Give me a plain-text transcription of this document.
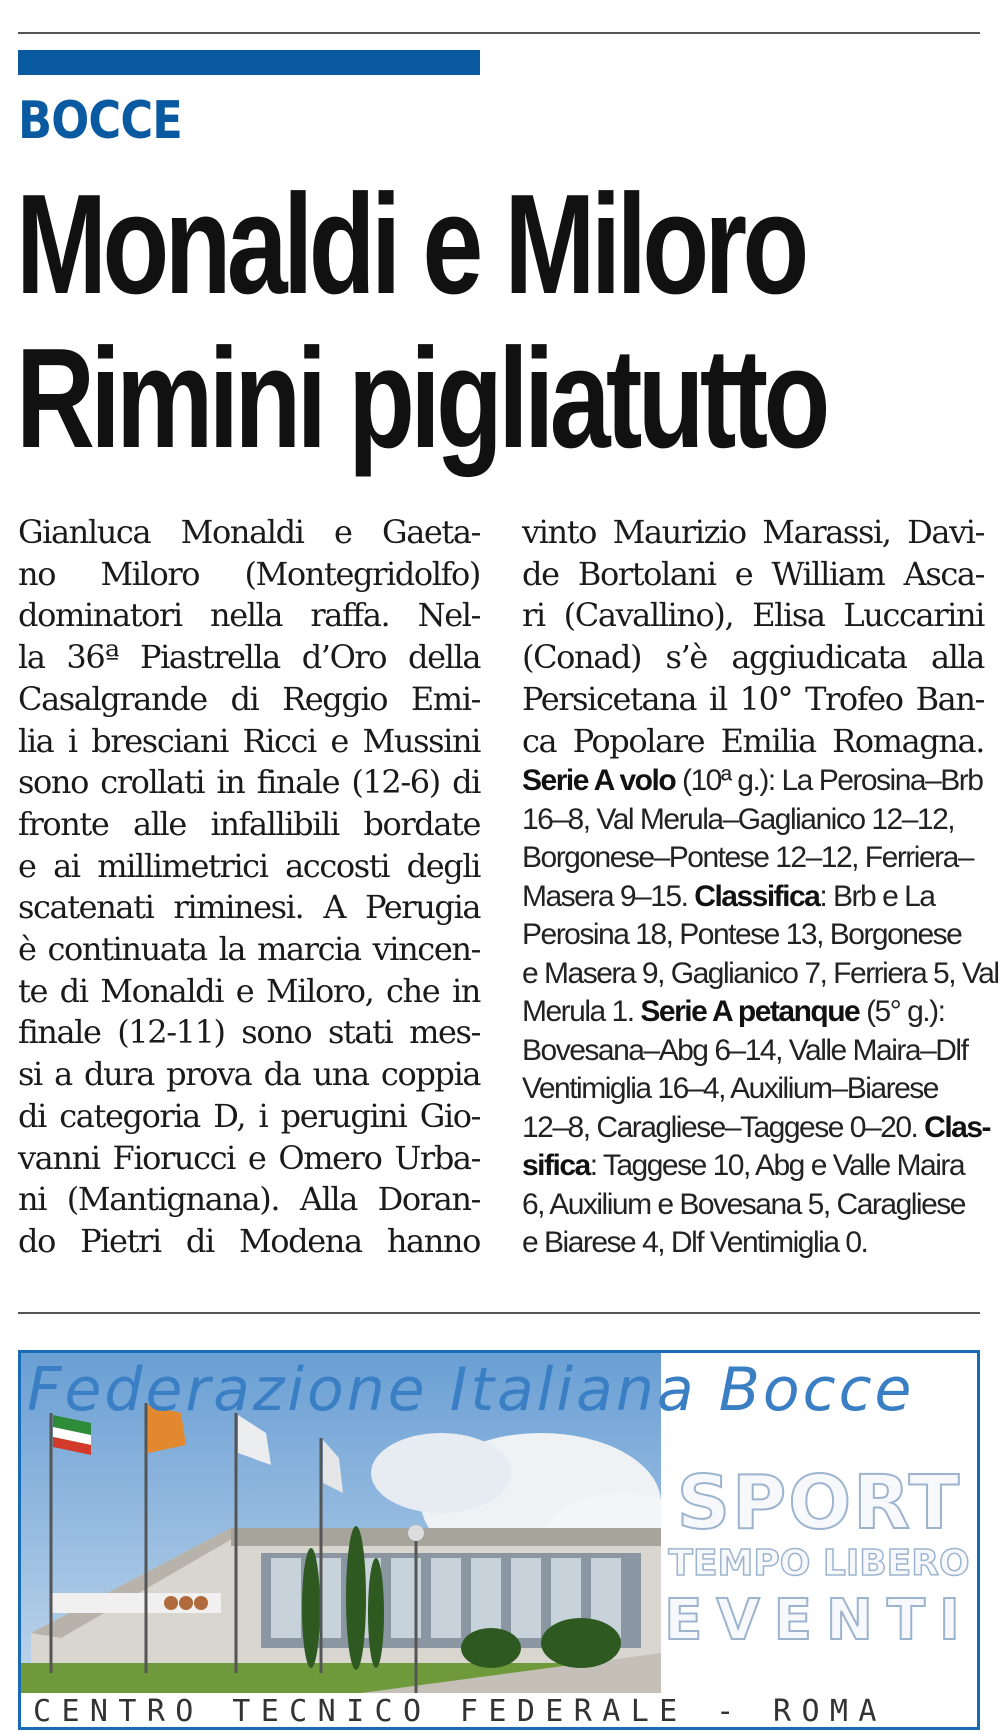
BOCCE
Monaldi e Miloro
Rimini pigliatutto
Gianluca Monaldi e Gaeta-
no Miloro (Montegridolfo)
dominatori nella raffa. Nel-
la 36ª Piastrella d’Oro della
Casalgrande di Reggio Emi-
lia i bresciani Ricci e Mussini
sono crollati in finale (12-6) di
fronte alle infallibili bordate
e ai millimetrici accosti degli
scatenati riminesi. A Perugia
è continuata la marcia vincen-
te di Monaldi e Miloro, che in
finale (12-11) sono stati mes-
si a dura prova da una coppia
di categoria D, i perugini Gio-
vanni Fiorucci e Omero Urba-
ni (Mantignana). Alla Doran-
do Pietri di Modena hanno
vinto Maurizio Marassi, Davi-
de Bortolani e William Asca-
ri (Cavallino), Elisa Luccarini
(Conad) s’è aggiudicata alla
Persicetana il 10° Trofeo Ban-
ca Popolare Emilia Romagna.
Serie A volo (10ª g.): La Perosina–Brb
16–8, Val Merula–Gaglianico 12–12,
Borgonese–Pontese 12–12, Ferriera–
Masera 9–15. Classifica: Brb e La
Perosina 18, Pontese 13, Borgonese
e Masera 9, Gaglianico 7, Ferriera 5, Val
Merula 1. Serie A petanque (5° g.):
Bovesana–Abg 6–14, Valle Maira–Dlf
Ventimiglia 16–4, Auxilium–Biarese
12–8, Caragliese–Taggese 0–20. Clas-
sifica: Taggese 10, Abg e Valle Maira
6, Auxilium e Bovesana 5, Caragliese
e Biarese 4, Dlf Ventimiglia 0.
Federazione Italiana Bocce
SPORT
TEMPO LIBERO
EVENTI
CENTRO TECNICO FEDERALE - ROMA
